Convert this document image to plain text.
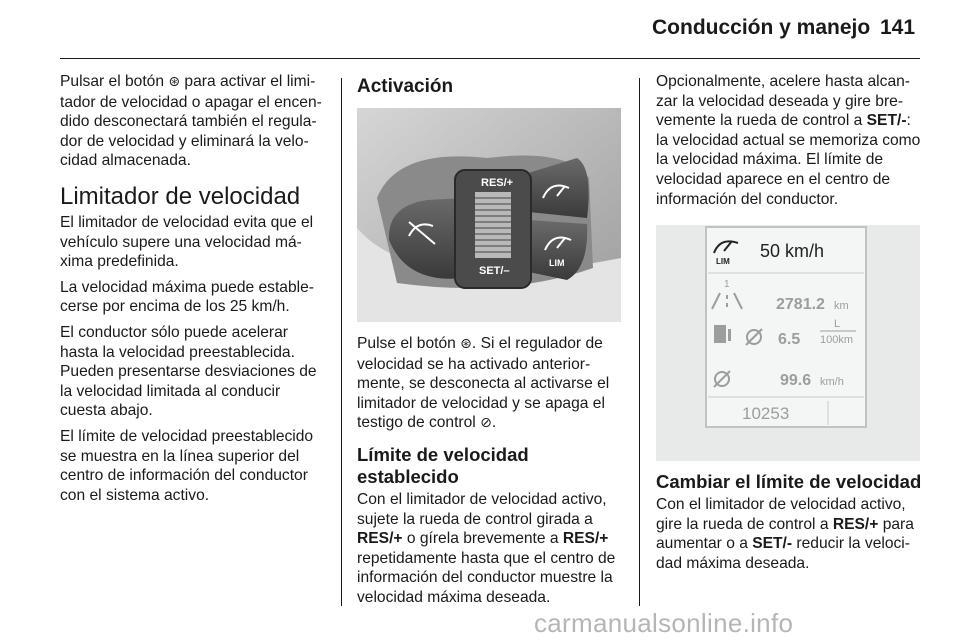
Conducción y manejo 141

Pulsar el botón ⊛ para activar el limi-tador de velocidad o apagar el encen-dido desconectará también el regula-dor de velocidad y eliminará la velo-cidad almacenada.

Limitador de velocidad

El limitador de velocidad evita que el vehículo supere una velocidad má-xima predefinida.

La velocidad máxima puede estable-cerse por encima de los 25 km/h.

El conductor sólo puede acelerar hasta la velocidad preestablecida. Pueden presentarse desviaciones de la velocidad limitada al conducir cuesta abajo.

El límite de velocidad preestablecido se muestra en la línea superior del centro de información del conductor con el sistema activo.

Activación
RES/+
SET/–
LIM

Pulse el botón ⊛. Si el regulador de velocidad se ha activado anterior-mente, se desconecta al activarse el limitador de velocidad y se apaga el testigo de control ⊘.

Límite de velocidad establecido

Con el limitador de velocidad activo, sujete la rueda de control girada a RES/+ o gírela brevemente a RES/+ repetidamente hasta que el centro de información del conductor muestre la velocidad máxima deseada.

Opcionalmente, acelere hasta alcan-zar la velocidad deseada y gire bre-vemente la rueda de control a SET/-: la velocidad actual se memoriza como la velocidad máxima. El límite de velocidad aparece en el centro de información del conductor.

LIM
50 km/h
1
2781.2 km
6.5
L
100km
99.6 km/h
10253
Cambiar el límite de velocidad

Con el limitador de velocidad activo, gire la rueda de control a RES/+ para aumentar o a SET/- reducir la veloci-dad máxima deseada.

carmanualsonline.info
